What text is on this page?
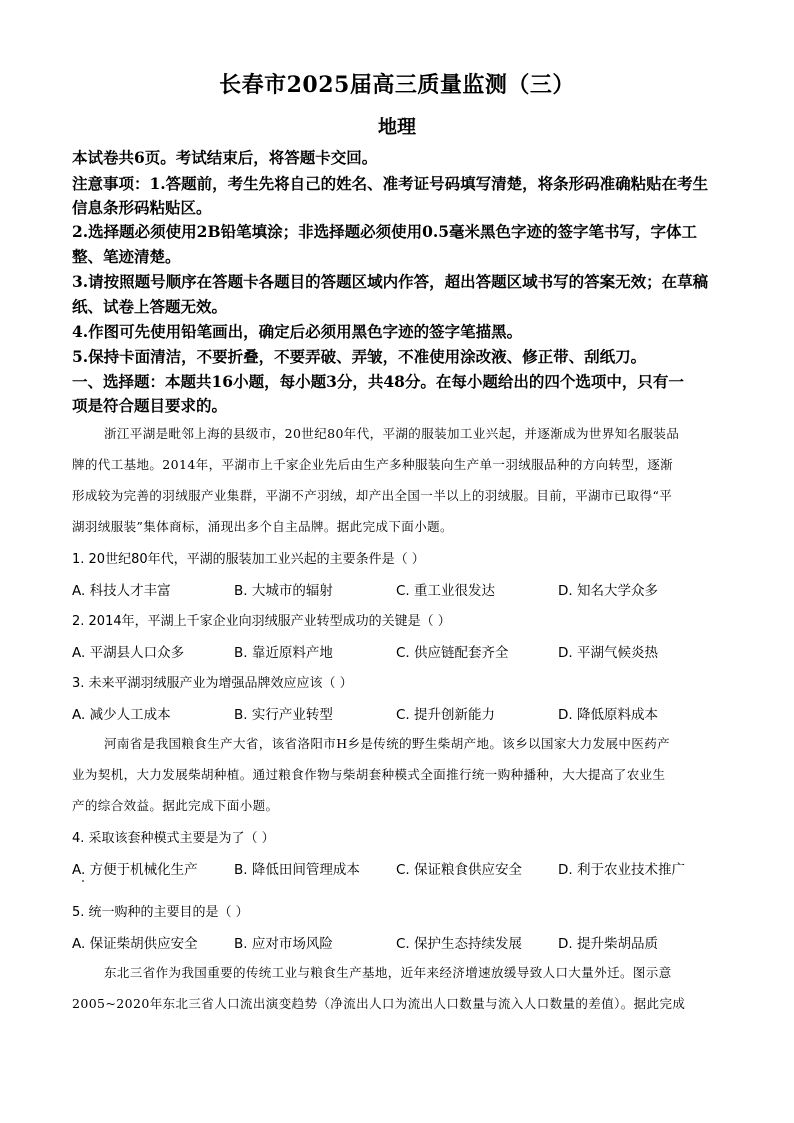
长春市2025届高三质量监测（三）
地理
本试卷共6页。考试结束后，将答题卡交回。
注意事项：1.答题前，考生先将自己的姓名、准考证号码填写清楚，将条形码准确粘贴在考生
信息条形码粘贴区。
2.选择题必须使用2B铅笔填涂；非选择题必须使用0.5毫米黑色字迹的签字笔书写，字体工
整、笔迹清楚。
3.请按照题号顺序在答题卡各题目的答题区域内作答，超出答题区域书写的答案无效；在草稿
纸、试卷上答题无效。
4.作图可先使用铅笔画出，确定后必须用黑色字迹的签字笔描黑。
5.保持卡面清洁，不要折叠，不要弄破、弄皱，不准使用涂改液、修正带、刮纸刀。
一、选择题：本题共16小题，每小题3分，共48分。在每小题给出的四个选项中，只有一
项是符合题目要求的。
浙江平湖是毗邻上海的县级市，20世纪80年代，平湖的服装加工业兴起，并逐渐成为世界知名服装品
牌的代工基地。2014年，平湖市上千家企业先后由生产多种服装向生产单一羽绒服品种的方向转型，逐渐
形成较为完善的羽绒服产业集群，平湖不产羽绒，却产出全国一半以上的羽绒服。目前，平湖市已取得“平
湖羽绒服装”集体商标，涌现出多个自主品牌。据此完成下面小题。
1. 20世纪80年代，平湖的服装加工业兴起的主要条件是（ ）
A. 科技人才丰富	B. 大城市的辐射	C. 重工业很发达	D. 知名大学众多
2. 2014年，平湖上千家企业向羽绒服产业转型成功的关键是（ ）
A. 平湖县人口众多	B. 靠近原料产地	C. 供应链配套齐全	D. 平湖气候炎热
3. 未来平湖羽绒服产业为增强品牌效应应该（ ）
A. 减少人工成本	B. 实行产业转型	C. 提升创新能力	D. 降低原料成本
河南省是我国粮食生产大省，该省洛阳市H乡是传统的野生柴胡产地。该乡以国家大力发展中医药产
业为契机，大力发展柴胡种植。通过粮食作物与柴胡套种模式全面推行统一购种播种，大大提高了农业生
产的综合效益。据此完成下面小题。
4. 采取该套种模式主要是为了（ ）
A. 方便于机械化生产	B. 降低田间管理成本	C. 保证粮食供应安全	D. 利于农业技术推广
5. 统一购种的主要目的是（ ）
A. 保证柴胡供应安全	B. 应对市场风险	C. 保护生态持续发展	D. 提升柴胡品质
东北三省作为我国重要的传统工业与粮食生产基地，近年来经济增速放缓导致人口大量外迁。图示意
2005~2020年东北三省人口流出演变趋势（净流出人口为流出人口数量与流入人口数量的差值）。据此完成
